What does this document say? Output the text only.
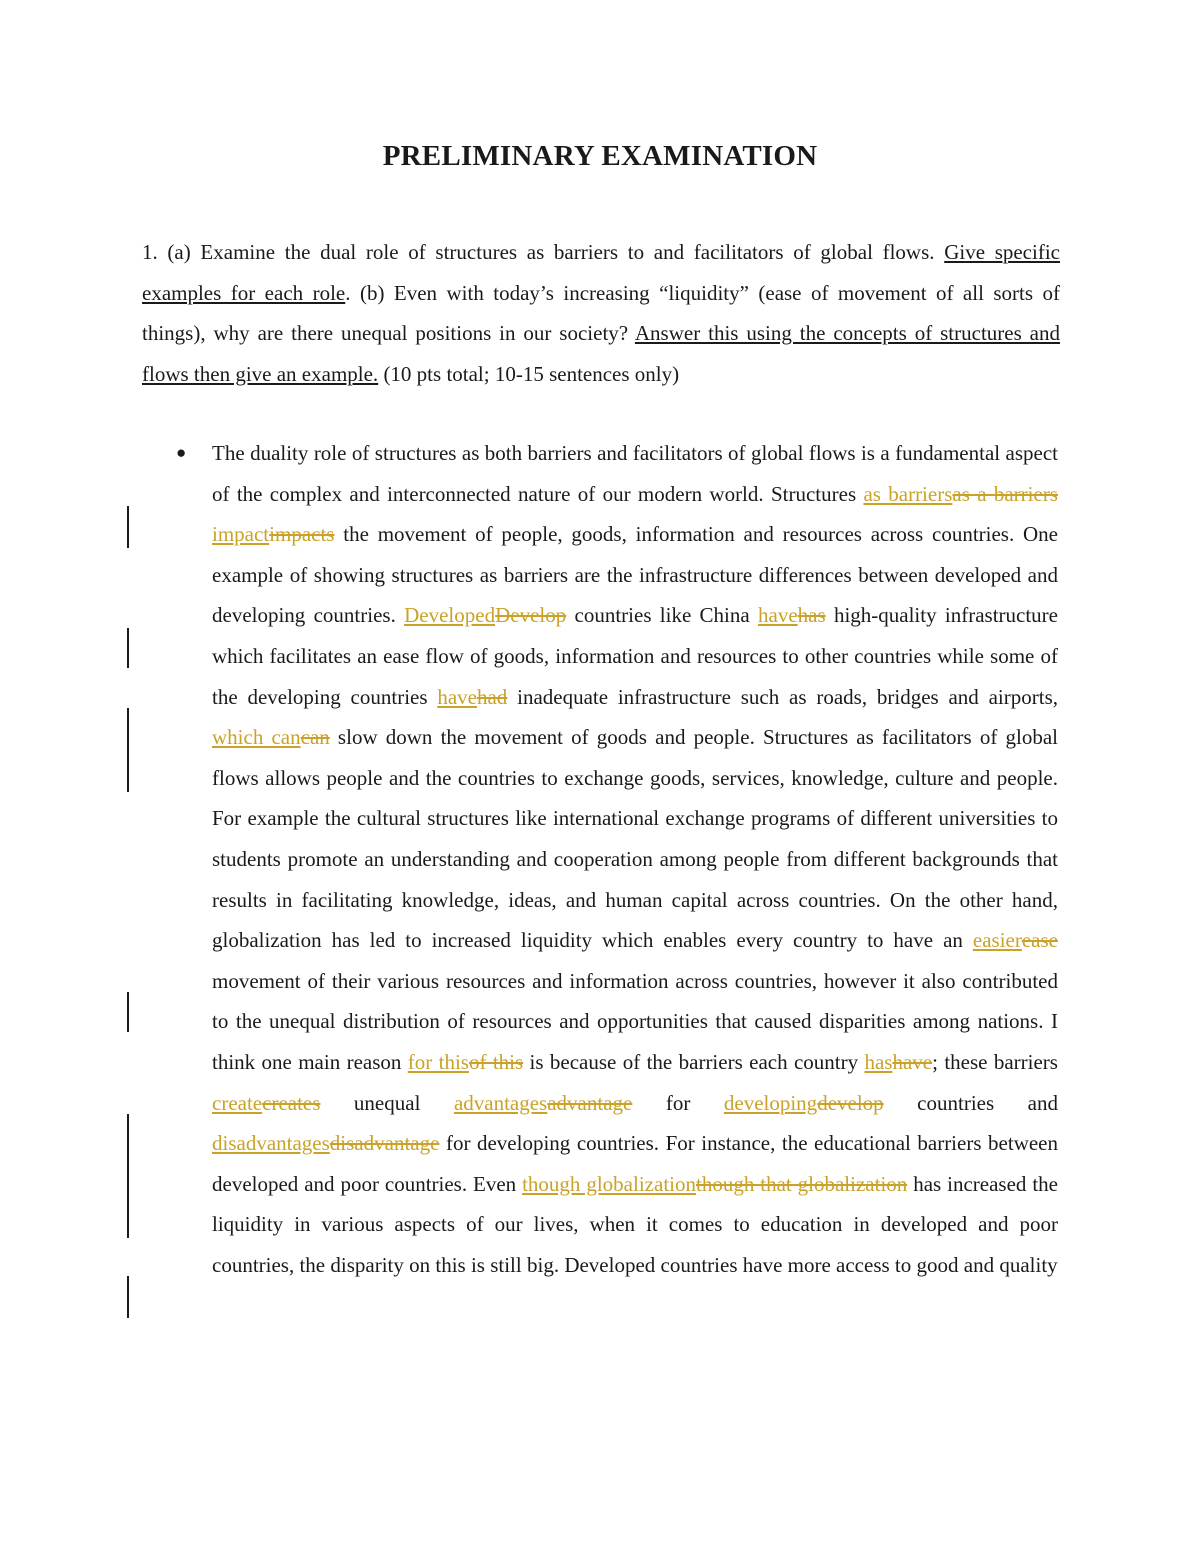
PRELIMINARY EXAMINATION

1. (a) Examine the dual role of structures as barriers to and facilitators of global flows. Give specific examples for each role. (b) Even with today’s increasing “liquidity” (ease of movement of all sorts of things), why are there unequal positions in our society? Answer this using the concepts of structures and flows then give an example. (10 pts total; 10-15 sentences only)

● The duality role of structures as both barriers and facilitators of global flows is a fundamental aspect of the complex and interconnected nature of our modern world. Structures as barriersas a barriers impactimpacts the movement of people, goods, information and resources across countries. One example of showing structures as barriers are the infrastructure differences between developed and developing countries. DevelopedDevelop countries like China havehas high-quality infrastructure which facilitates an ease flow of goods, information and resources to other countries while some of the developing countries havehad inadequate infrastructure such as roads, bridges and airports, which cancan slow down the movement of goods and people. Structures as facilitators of global flows allows people and the countries to exchange goods, services, knowledge, culture and people. For example the cultural structures like international exchange programs of different universities to students promote an understanding and cooperation among people from different backgrounds that results in facilitating knowledge, ideas, and human capital across countries. On the other hand, globalization has led to increased liquidity which enables every country to have an easierease movement of their various resources and information across countries, however it also contributed to the unequal distribution of resources and opportunities that caused disparities among nations. I think one main reason for thisof this is because of the barriers each country hashave; these barriers createcreates unequal advantagesadvantage for developingdevelop countries and disadvantagesdisadvantage for developing countries. For instance, the educational barriers between developed and poor countries. Even though globalizationthough that globalization has increased the liquidity in various aspects of our lives, when it comes to education in developed and poor countries, the disparity on this is still big. Developed countries have more access to good and quality
